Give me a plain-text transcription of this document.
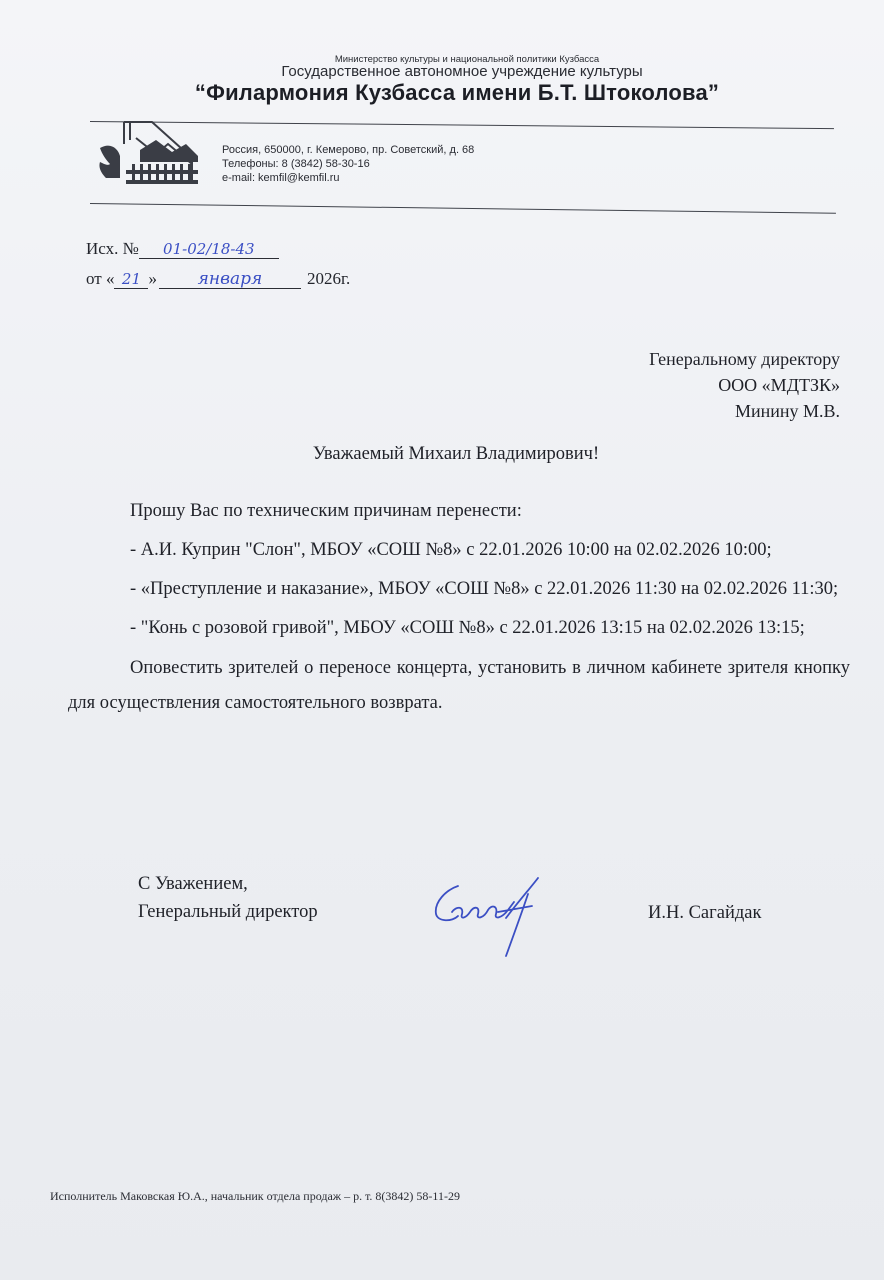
Министерство культуры и национальной политики Кузбасса
Государственное автономное учреждение культуры
“Филармония Кузбасса имени Б.Т. Штоколова”
Россия, 650000, г. Кемерово, пр. Советский, д. 68
Телефоны: 8 (3842) 58-30-16
e-mail: kemfil@kemfil.ru
Исх. № 01-02/18-43
от « 21 » января	2026г.
Генеральному директору
ООО «МДТЗК»
Минину М.В.
Уважаемый Михаил Владимирович!

Прошу Вас по техническим причинам перенести:

- А.И. Куприн "Слон", МБОУ «СОШ №8» с 22.01.2026 10:00 на 02.02.2026 10:00;

- «Преступление и наказание», МБОУ «СОШ №8» с 22.01.2026 11:30 на 02.02.2026 11:30;

- "Конь с розовой гривой", МБОУ «СОШ №8» с 22.01.2026 13:15 на 02.02.2026 13:15;

Оповестить зрителей о переносе концерта, установить в личном кабинете зрителя кнопку для осуществления самостоятельного возврата.

С Уважением,
Генеральный директор	И.Н. Сагайдак
Исполнитель Маковская Ю.А., начальник отдела продаж – р. т. 8(3842) 58-11-29
